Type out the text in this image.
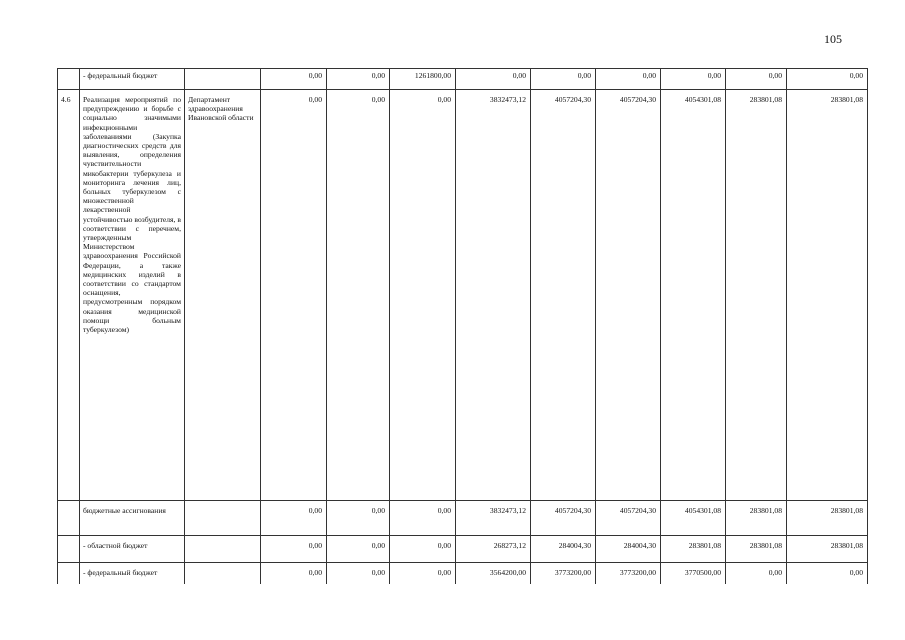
105
	- федеральный бюджет		0,00	0,00	1261800,00	0,00	0,00	0,00	0,00	0,00	0,00
4.6	Реализация мероприятий по предупреждению и борьбе с социально значимыми инфекционными заболеваниями (Закупка диагностических средств для выявления, определения чувствительности микобактерии туберкулеза и мониторинга лечения лиц, больных туберкулезом с множественной лекарственной устойчивостью возбудителя, в соответствии с перечнем, утвержденным Министерством здравоохранения Российской Федерации, а также медицинских изделий в соответствии со стандартом оснащения, предусмотренным порядком оказания медицинской помощи больным туберкулезом)	Департамент здравоохранения Ивановской области	0,00	0,00	0,00	3832473,12	4057204,30	4057204,30	4054301,08	283801,08	283801,08
	бюджетные ассигнования		0,00	0,00	0,00	3832473,12	4057204,30	4057204,30	4054301,08	283801,08	283801,08
	- областной бюджет		0,00	0,00	0,00	268273,12	284004,30	284004,30	283801,08	283801,08	283801,08
	- федеральный бюджет		0,00	0,00	0,00	3564200,00	3773200,00	3773200,00	3770500,00	0,00	0,00
